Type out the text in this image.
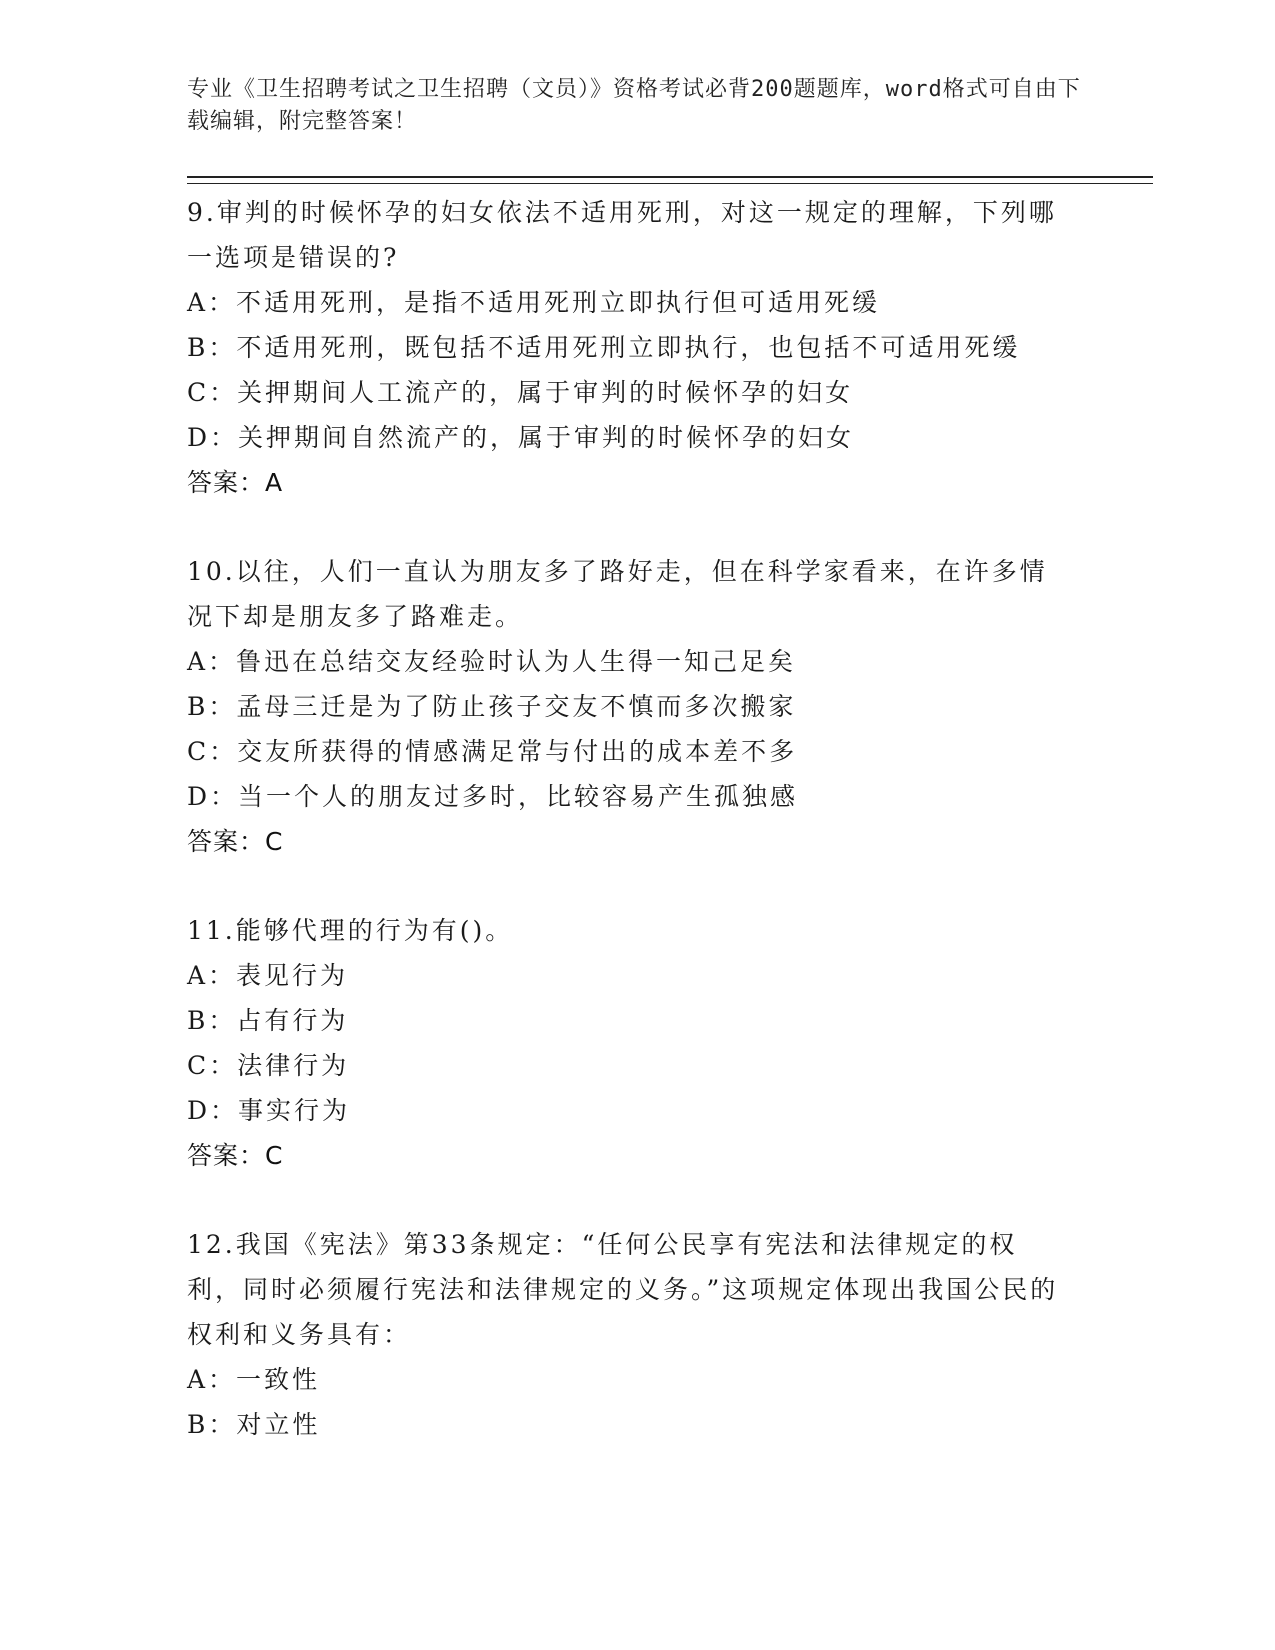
专业《卫生招聘考试之卫生招聘（文员）》资格考试必背200题题库，word格式可自由下载编辑，附完整答案！
9.审判的时候怀孕的妇女依法不适用死刑，对这一规定的理解，下列哪一选项是错误的?
A：不适用死刑，是指不适用死刑立即执行但可适用死缓
B：不适用死刑，既包括不适用死刑立即执行，也包括不可适用死缓
C：关押期间人工流产的，属于审判的时候怀孕的妇女
D：关押期间自然流产的，属于审判的时候怀孕的妇女
答案：A
10.以往，人们一直认为朋友多了路好走，但在科学家看来，在许多情况下却是朋友多了路难走。
A：鲁迅在总结交友经验时认为人生得一知己足矣
B：孟母三迁是为了防止孩子交友不慎而多次搬家
C：交友所获得的情感满足常与付出的成本差不多
D：当一个人的朋友过多时，比较容易产生孤独感
答案：C
11.能够代理的行为有()。
A：表见行为
B：占有行为
C：法律行为
D：事实行为
答案：C
12.我国《宪法》第33条规定：“任何公民享有宪法和法律规定的权利，同时必须履行宪法和法律规定的义务。”这项规定体现出我国公民的权利和义务具有：
A：一致性
B：对立性
